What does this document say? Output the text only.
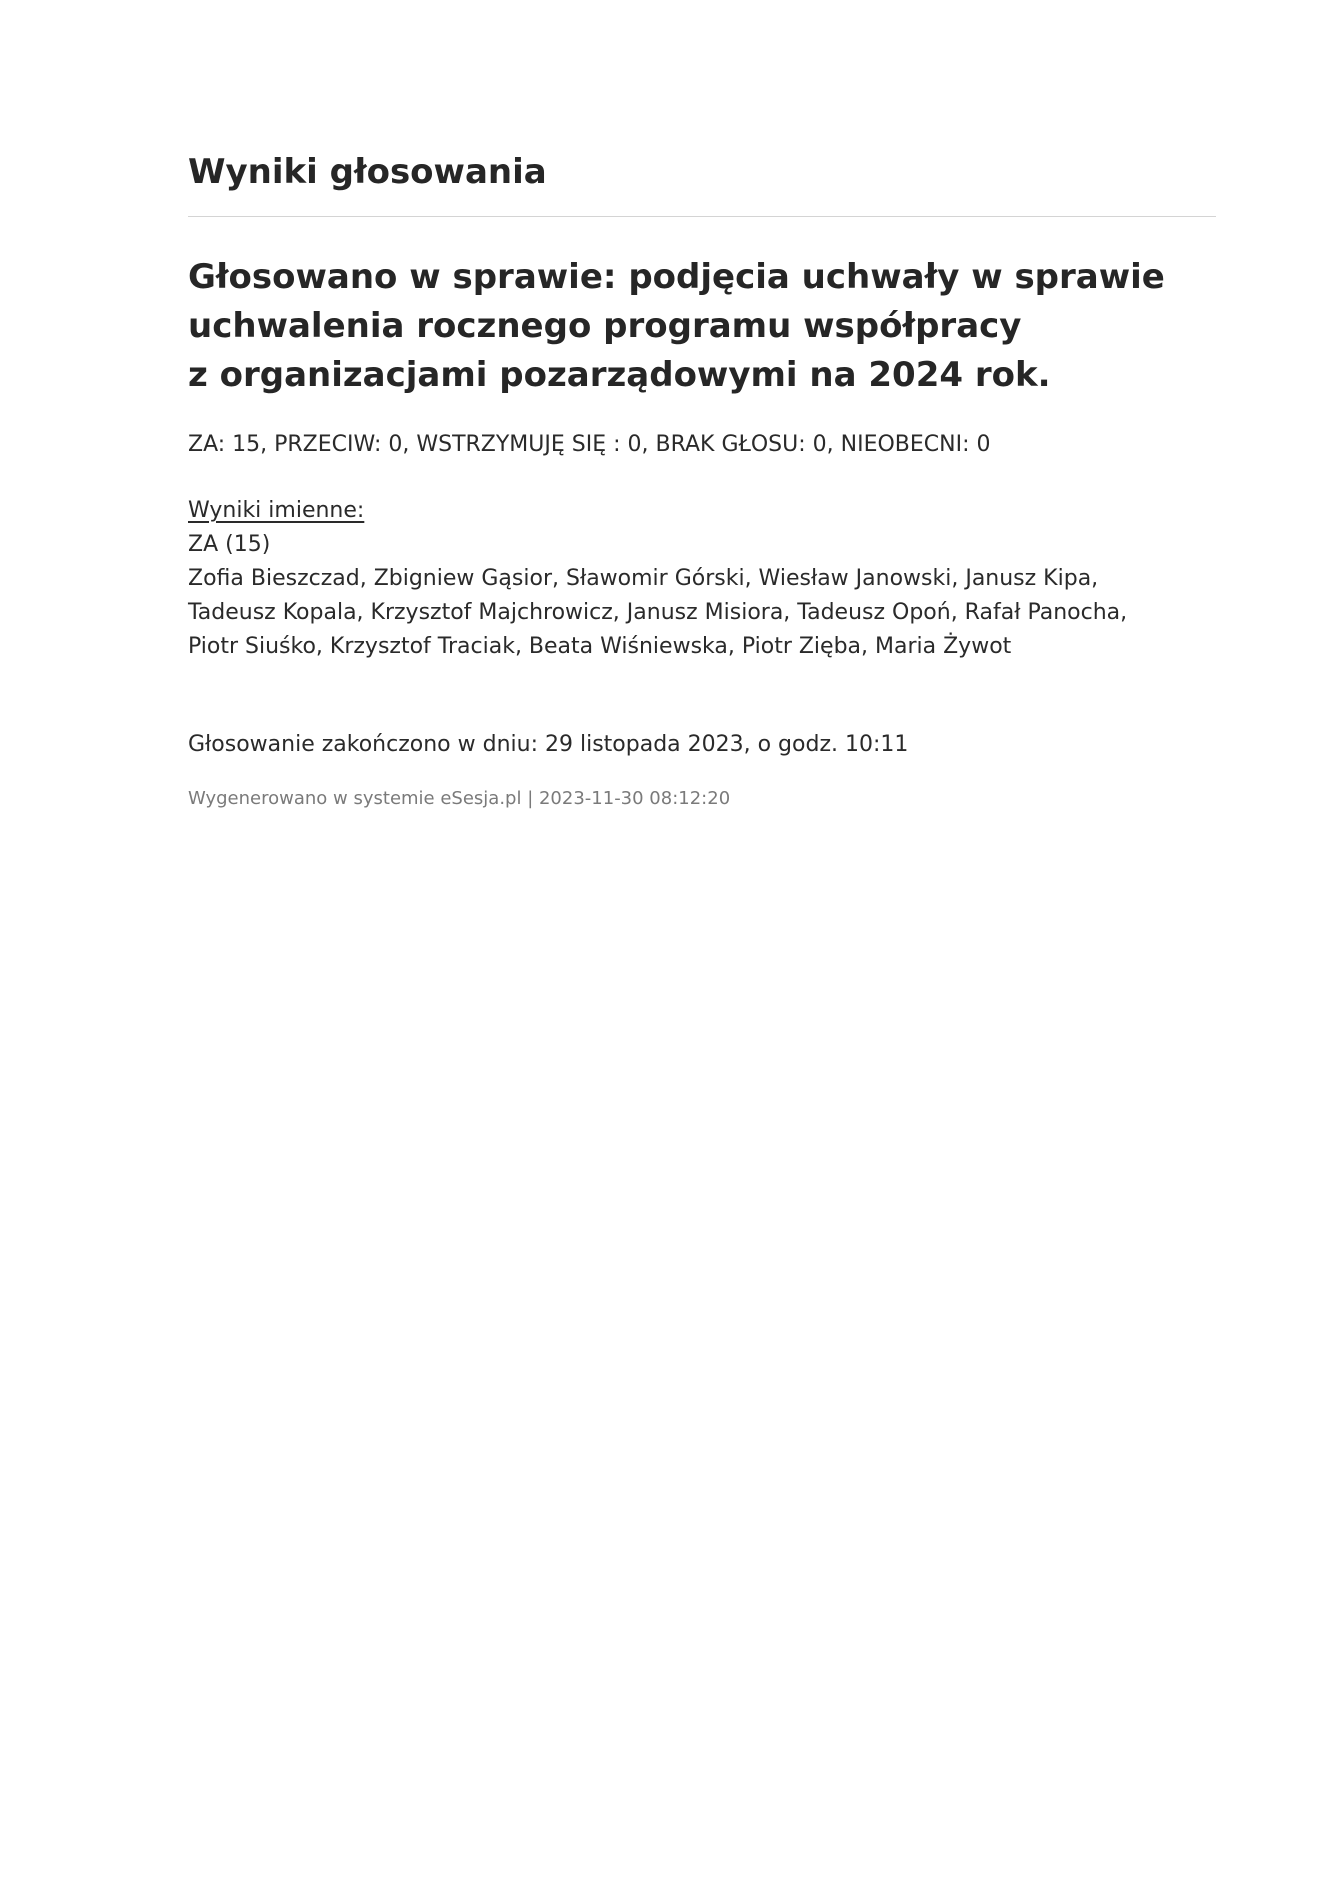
Wyniki głosowania
Głosowano w sprawie: podjęcia uchwały w sprawie
uchwalenia rocznego programu współpracy
z organizacjami pozarządowymi na 2024 rok.
ZA: 15, PRZECIW: 0, WSTRZYMUJĘ SIĘ : 0, BRAK GŁOSU: 0, NIEOBECNI: 0
Wyniki imienne:
ZA (15)
Zofia Bieszczad, Zbigniew Gąsior, Sławomir Górski, Wiesław Janowski, Janusz Kipa,
Tadeusz Kopala, Krzysztof Majchrowicz, Janusz Misiora, Tadeusz Opoń, Rafał Panocha,
Piotr Siuśko, Krzysztof Traciak, Beata Wiśniewska, Piotr Zięba, Maria Żywot
Głosowanie zakończono w dniu: 29 listopada 2023, o godz. 10:11
Wygenerowano w systemie eSesja.pl | 2023-11-30 08:12:20
